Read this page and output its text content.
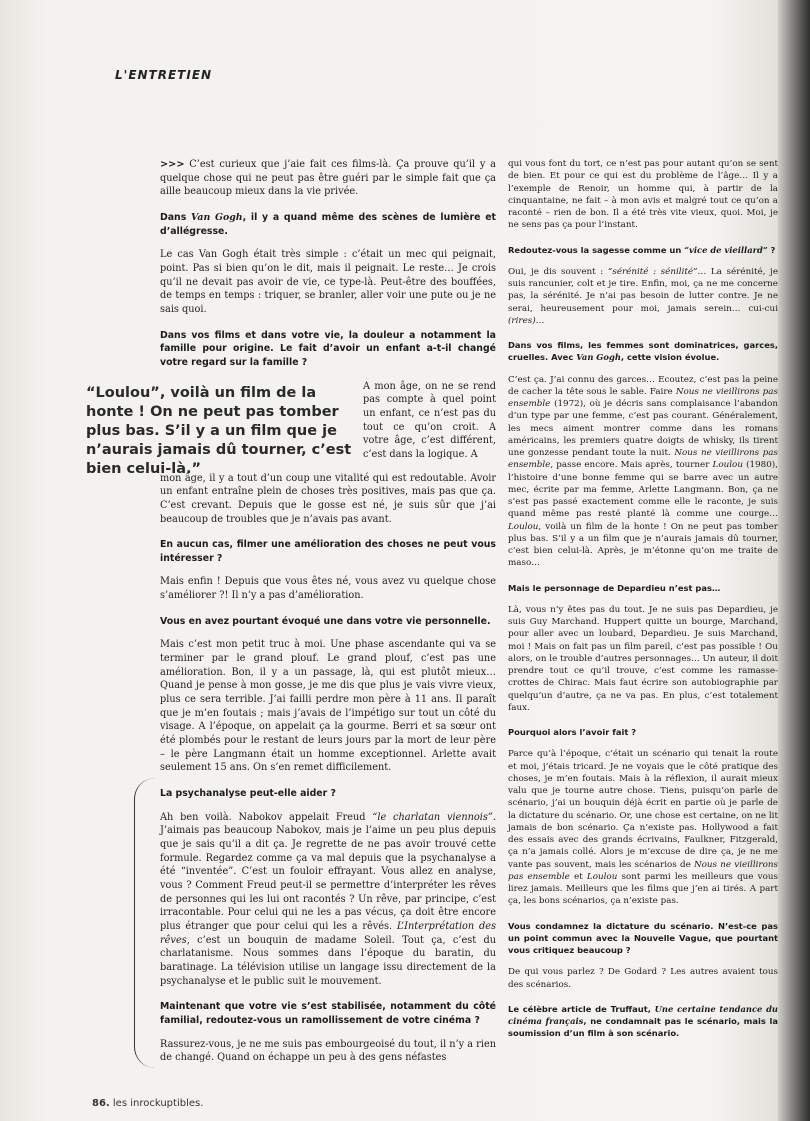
L'ENTRETIEN
“Loulou”, voilà un film de la honte ! On ne peut pas tomber plus bas. S’il y a un film que je n’aurais jamais dû tourner, c’est bien celui-là.”

>>> C’est curieux que j’aie fait ces films-là. Ça prouve qu’il y a quelque chose qui ne peut pas être guéri par le simple fait que ça aille beaucoup mieux dans la vie privée.

Dans Van Gogh, il y a quand même des scènes de lumière et d’allégresse.

Le cas Van Gogh était très simple : c’était un mec qui peignait, point. Pas si bien qu’on le dit, mais il peignait. Le reste… Je crois qu’il ne devait pas avoir de vie, ce type-là. Peut-être des bouffées, de temps en temps : triquer, se branler, aller voir une pute ou je ne sais quoi.

Dans vos films et dans votre vie, la douleur a notamment la famille pour origine. Le fait d’avoir un enfant a-t-il changé votre regard sur la famille ?

A mon âge, on ne se rend pas compte à quel point un enfant, ce n’est pas du tout ce qu’on croit. A votre âge, c’est différent, c’est dans la logique. A
mon âge, il y a tout d’un coup une vitalité qui est redoutable. Avoir un enfant entraîne plein de choses très positives, mais pas que ça. C’est crevant. Depuis que le gosse est né, je suis sûr que j’ai beaucoup de troubles que je n’avais pas avant.

En aucun cas, filmer une amélioration des choses ne peut vous intéresser ?

Mais enfin ! Depuis que vous êtes né, vous avez vu quelque chose s’améliorer ?! Il n’y a pas d’amélioration.

Vous en avez pourtant évoqué une dans votre vie personnelle.

Mais c’est mon petit truc à moi. Une phase ascendante qui va se terminer par le grand plouf. Le grand plouf, c’est pas une amélioration. Bon, il y a un passage, là, qui est plutôt mieux… Quand je pense à mon gosse, je me dis que plus je vais vivre vieux, plus ce sera terrible. J’ai failli perdre mon père à 11 ans. Il paraît que je m’en foutais ; mais j’avais de l’impétigo sur tout un côté du visage. A l’époque, on appelait ça la gourme. Berri et sa sœur ont été plombés pour le restant de leurs jours par la mort de leur père – le père Langmann était un homme exceptionnel. Arlette avait seulement 15 ans. On s’en remet difficilement.

La psychanalyse peut-elle aider ?

Ah ben voilà. Nabokov appelait Freud “le charlatan viennois”. J’aimais pas beaucoup Nabokov, mais je l’aime un peu plus depuis que je sais qu’il a dit ça. Je regrette de ne pas avoir trouvé cette formule. Regardez comme ça va mal depuis que la psychanalyse a été “inventée”. C’est un fouloir effrayant. Vous allez en analyse, vous ? Comment Freud peut-il se permettre d’interpréter les rêves de personnes qui les lui ont racontés ? Un rêve, par principe, c’est irracontable. Pour celui qui ne les a pas vécus, ça doit être encore plus étranger que pour celui qui les a rêvés. L’Interprétation des rêves, c’est un bouquin de madame Soleil. Tout ça, c’est du charlatanisme. Nous sommes dans l’époque du baratin, du baratinage. La télévision utilise un langage issu directement de la psychanalyse et le public suit le mouvement.

Maintenant que votre vie s’est stabilisée, notamment du côté familial, redoutez-vous un ramollissement de votre cinéma ?

Rassurez-vous, je ne me suis pas embourgeoisé du tout, il n’y a rien de changé. Quand on échappe un peu à des gens néfastes

qui vous font du tort, ce n’est pas pour autant qu’on se sent de bien. Et pour ce qui est du problème de l’âge… Il y a l’exemple de Renoir, un homme qui, à partir de la cinquantaine, ne fait – à mon avis et malgré tout ce qu’on a raconté – rien de bon. Il a été très vite vieux, quoi. Moi, je ne sens pas ça pour l’instant.

Redoutez-vous la sagesse comme un “vice de vieillard” ?

Oui, je dis souvent : “sérénité : sénilité”… La sérénité, je suis rancunier, colt et je tire. Enfin, moi, ça ne me concerne pas, la sérénité. Je n’ai pas besoin de lutter contre. Je ne serai, heureusement pour moi, jamais serein… cui-cui (rires)…

Dans vos films, les femmes sont dominatrices, garces, cruelles. Avec Van Gogh, cette vision évolue.

C’est ça. J’ai connu des garces… Ecoutez, c’est pas la peine de cacher la tête sous le sable. Faire Nous ne vieillirons pas ensemble (1972), où je décris sans complaisance l’abandon d’un type par une femme, c’est pas courant. Généralement, les mecs aiment montrer comme dans les romans américains, les premiers quatre doigts de whisky, ils tirent une gonzesse pendant toute la nuit. Nous ne vieillirons pas ensemble, passe encore. Mais après, tourner Loulou (1980), l’histoire d’une bonne femme qui se barre avec un autre mec, écrite par ma femme, Arlette Langmann. Bon, ça ne s’est pas passé exactement comme elle le raconte, je suis quand même pas resté planté là comme une courge… Loulou, voilà un film de la honte ! On ne peut pas tomber plus bas. S’il y a un film que je n’aurais jamais dû tourner, c’est bien celui-là. Après, je m’étonne qu’on me traite de maso…

Mais le personnage de Depardieu n’est pas…

Là, vous n’y êtes pas du tout. Je ne suis pas Depardieu, je suis Guy Marchand. Huppert quitte un bourge, Marchand, pour aller avec un loubard, Depardieu. Je suis Marchand, moi ! Mais on fait pas un film pareil, c’est pas possible ! Ou alors, on le trouble d’autres personnages… Un auteur, il doit prendre tout ce qu’il trouve, c’est comme les ramasse-crottes de Chirac. Mais faut écrire son autobiographie par quelqu’un d’autre, ça ne va pas. En plus, c’est totalement faux.

Pourquoi alors l’avoir fait ?

Parce qu’à l’époque, c’était un scénario qui tenait la route et moi, j’étais tricard. Je ne voyais que le côté pratique des choses, je m’en foutais. Mais à la réflexion, il aurait mieux valu que je tourne autre chose. Tiens, puisqu’on parle de scénario, j’ai un bouquin déjà écrit en partie où je parle de la dictature du scénario. Or, une chose est certaine, on ne lit jamais de bon scénario. Ça n’existe pas. Hollywood a fait des essais avec des grands écrivains, Faulkner, Fitzgerald, ça n’a jamais collé. Alors je m’excuse de dire ça, je ne me vante pas souvent, mais les scénarios de Nous ne vieillirons pas ensemble et Loulou sont parmi les meilleurs que vous lirez jamais. Meilleurs que les films que j’en ai tirés. A part ça, les bons scénarios, ça n’existe pas.

Vous condamnez la dictature du scénario. N’est-ce pas un point commun avec la Nouvelle Vague, que pourtant vous critiquez beaucoup ?

De qui vous parlez ? De Godard ? Les autres avaient tous des scénarios.

Le célèbre article de Truffaut, Une certaine tendance du cinéma français, ne condamnait pas le scénario, mais la soumission d’un film à son scénario.

86. les inrockuptibles.
